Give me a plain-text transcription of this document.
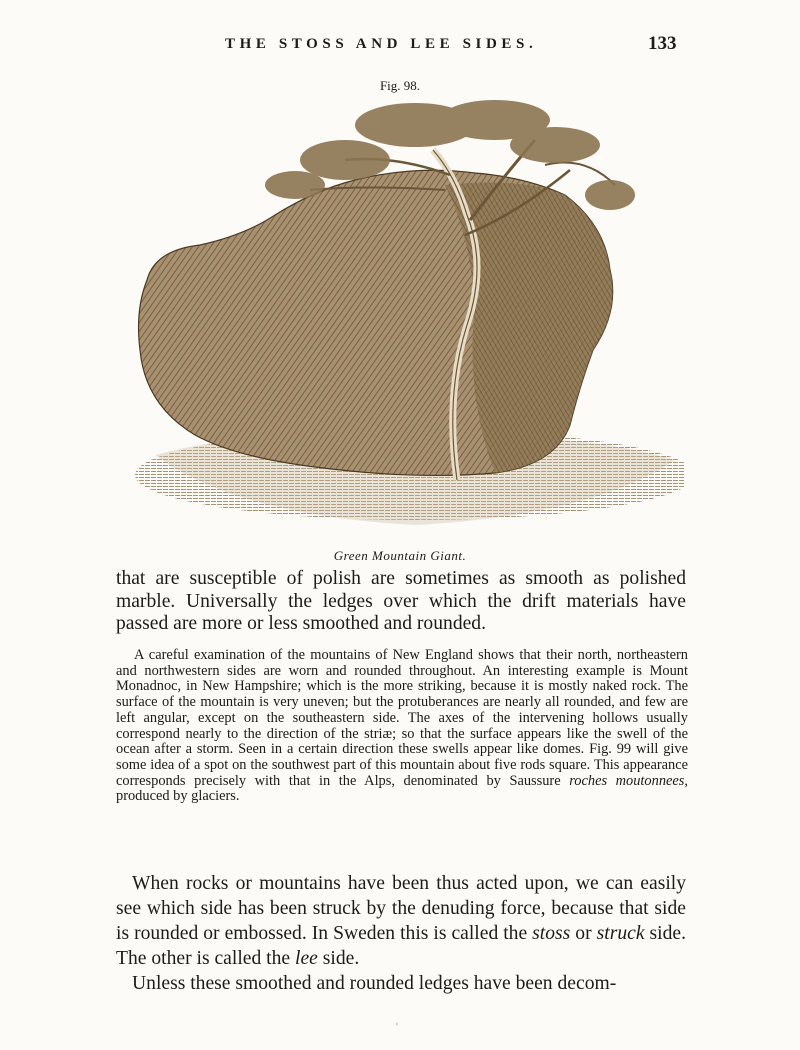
THE STOSS AND LEE SIDES.	133
Fig. 98.
Green Mountain Giant.

that are susceptible of polish are sometimes as smooth as polished marble. Universally the ledges over which the drift materials have passed are more or less smoothed and rounded.

A careful examination of the mountains of New England shows that their north, northeastern and northwestern sides are worn and rounded throughout. An interesting example is Mount Monadnoc, in New Hampshire; which is the more striking, because it is mostly naked rock. The surface of the mountain is very uneven; but the protuberances are nearly all rounded, and few are left angular, except on the southeastern side. The axes of the intervening hollows usually correspond nearly to the direction of the striæ; so that the surface appears like the swell of the ocean after a storm. Seen in a certain direction these swells appear like domes. Fig. 99 will give some idea of a spot on the southwest part of this mountain about five rods square. This appearance corresponds precisely with that in the Alps, denominated by Saussure roches moutonnees, produced by glaciers.

When rocks or mountains have been thus acted upon, we can easily see which side has been struck by the denuding force, because that side is rounded or embossed. In Sweden this is called the stoss or struck side. The other is called the lee side.

Unless these smoothed and rounded ledges have been decom-
